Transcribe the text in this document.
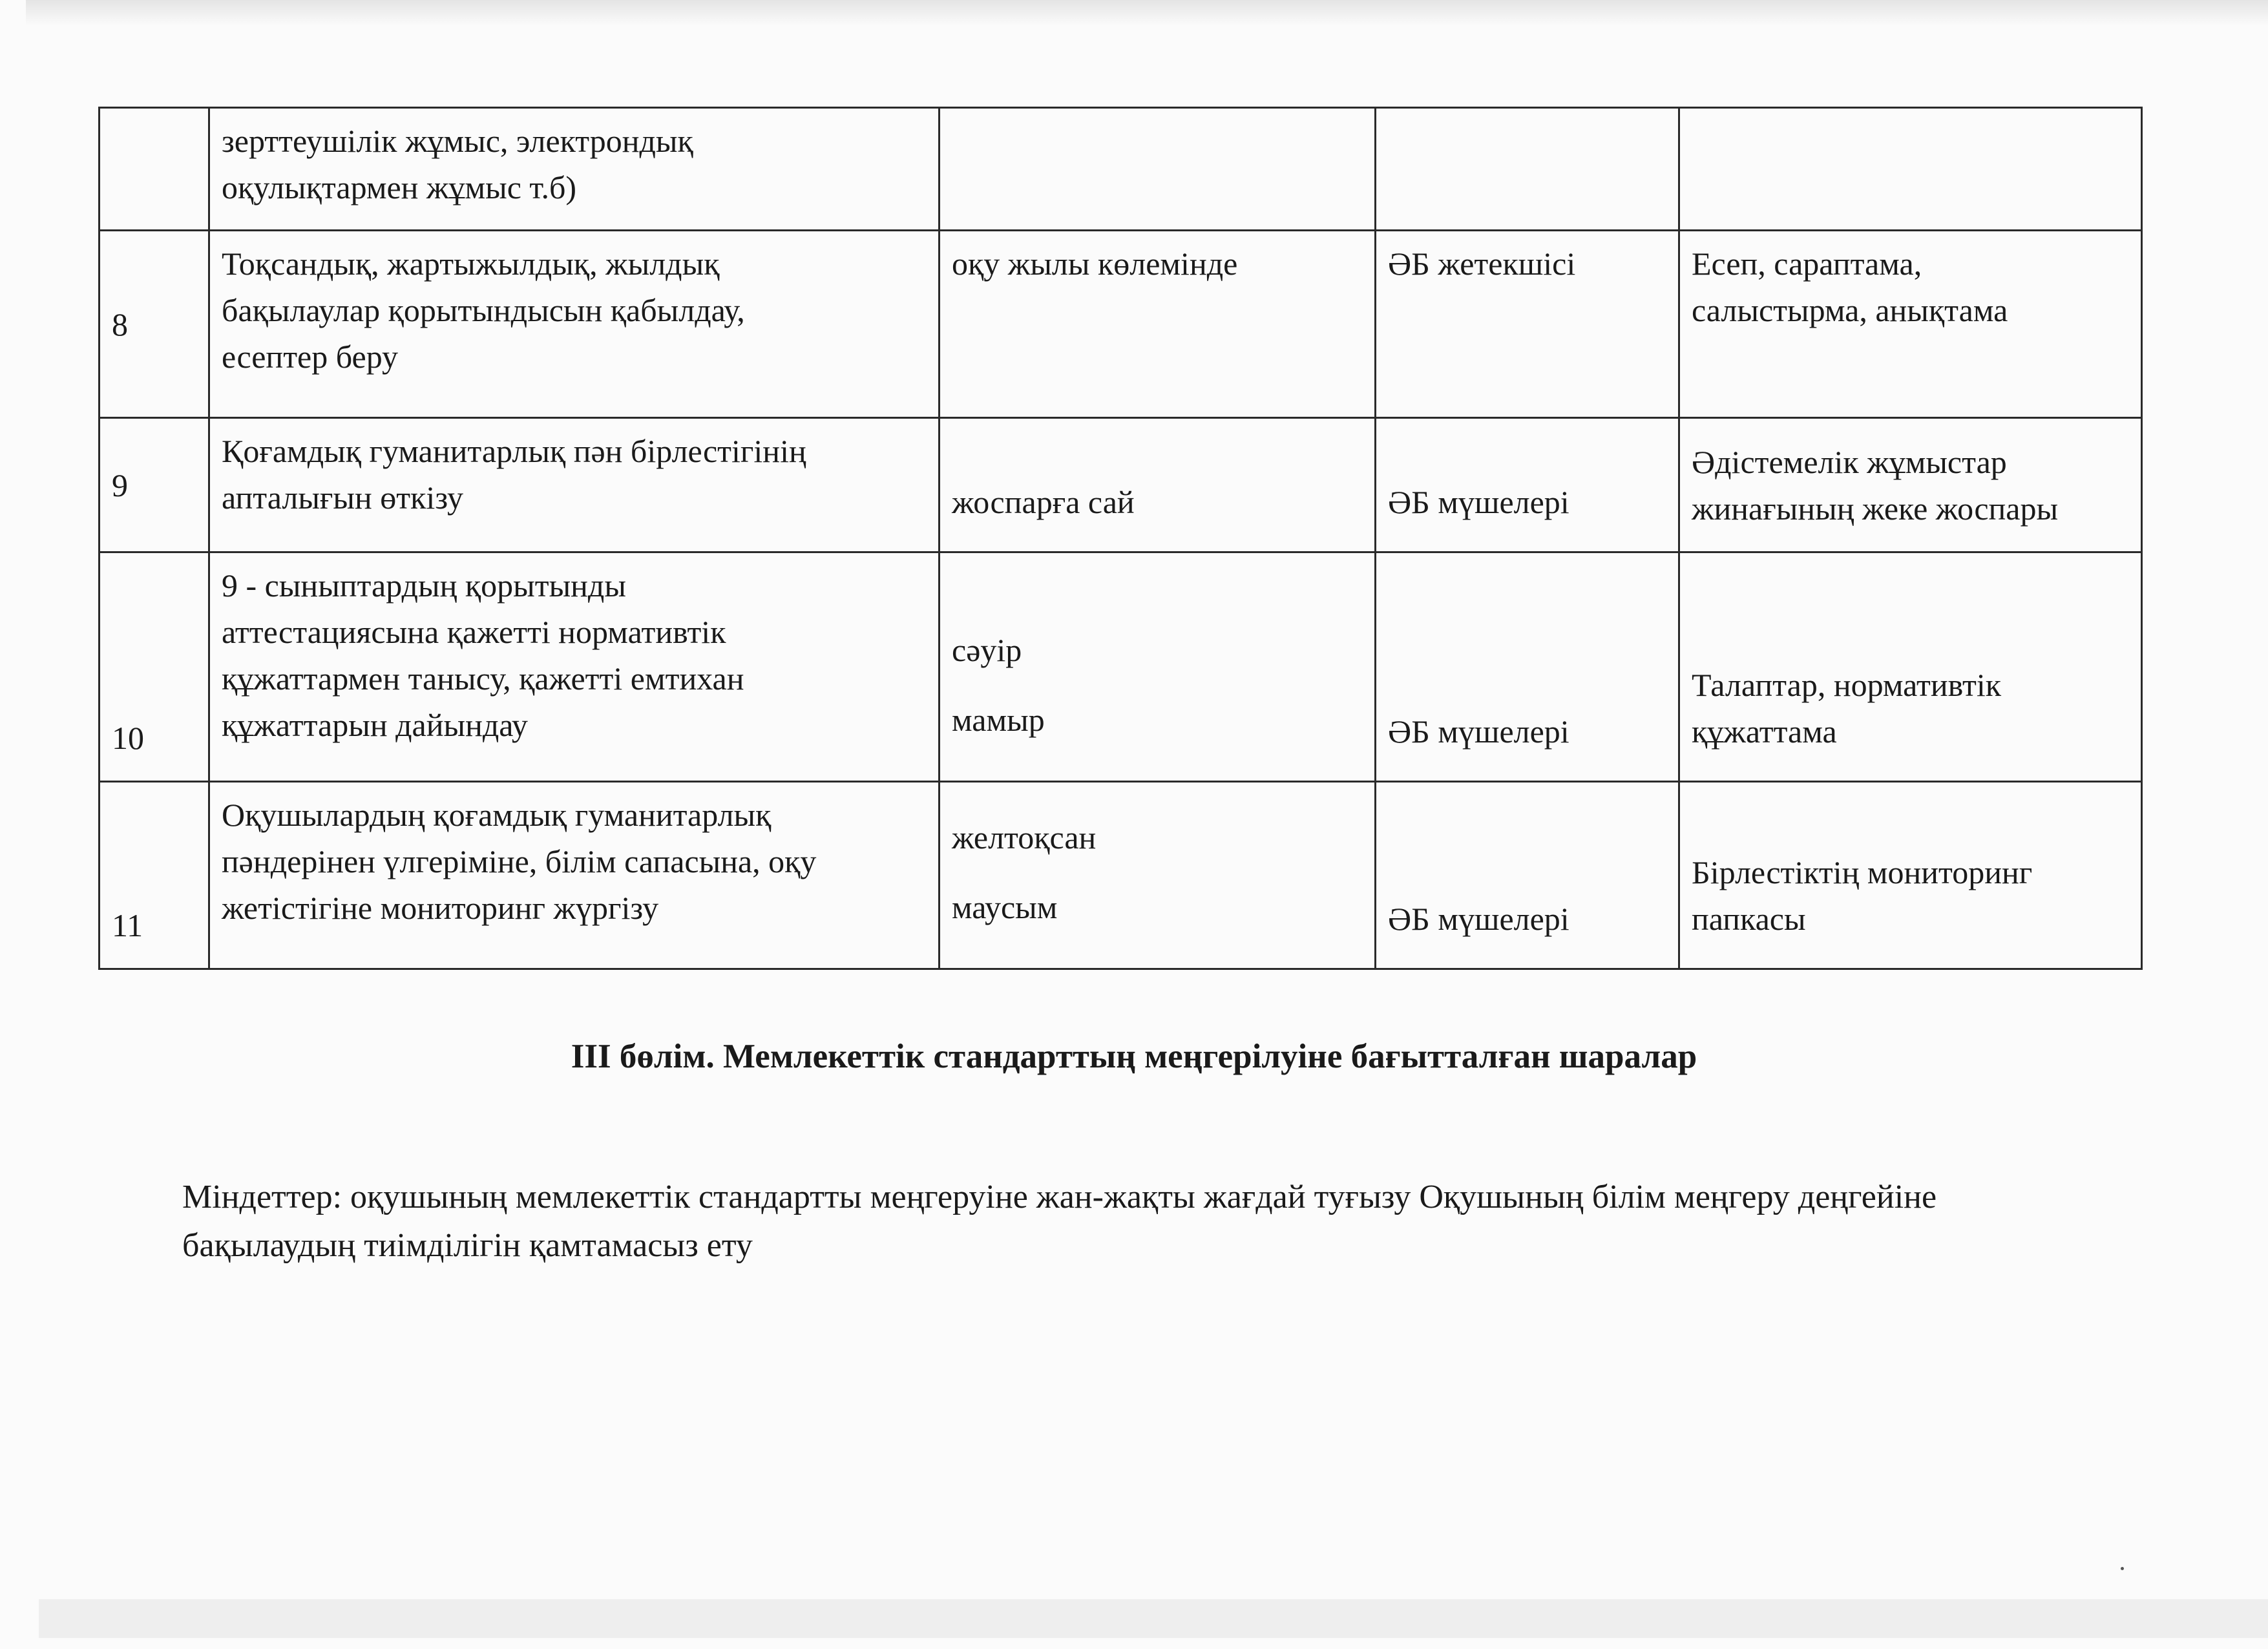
	зерттеушілік жұмыс, электрондық
оқулықтармен жұмыс т.б)			
8	Тоқсандық, жартыжылдық, жылдық
бақылаулар қорытындысын қабылдау,
есептер беру	оқу жылы көлемінде	ӘБ жетекшісі	Есеп, сараптама,
салыстырма, анықтама
9	Қоғамдық гуманитарлық пән бірлестігінің
апталығын өткізу	жоспарға сай	ӘБ мүшелері	Әдістемелік жұмыстар
жинағының жеке жоспары
10	9 - сыныптардың қорытынды
аттестациясына қажетті нормативтік
құжаттармен танысу, қажетті емтихан
құжаттарын дайындау	сәуір
мамыр	ӘБ мүшелері	Талаптар, нормативтік
құжаттама
11	Оқушылардың қоғамдық гуманитарлық
пәндерінен үлгеріміне, білім сапасына, оқу
жетістігіне мониторинг жүргізу	желтоқсан
маусым	ӘБ мүшелері	Бірлестіктің мониторинг
папкасы
ІІІ бөлім. Мемлекеттік стандарттың меңгерілуіне бағытталған шаралар
Міндеттер: оқушының мемлекеттік стандартты меңгеруіне жан-жақты жағдай туғызу Оқушының білім меңгеру деңгейіне бақылаудың тиімділігін қамтамасыз ету
